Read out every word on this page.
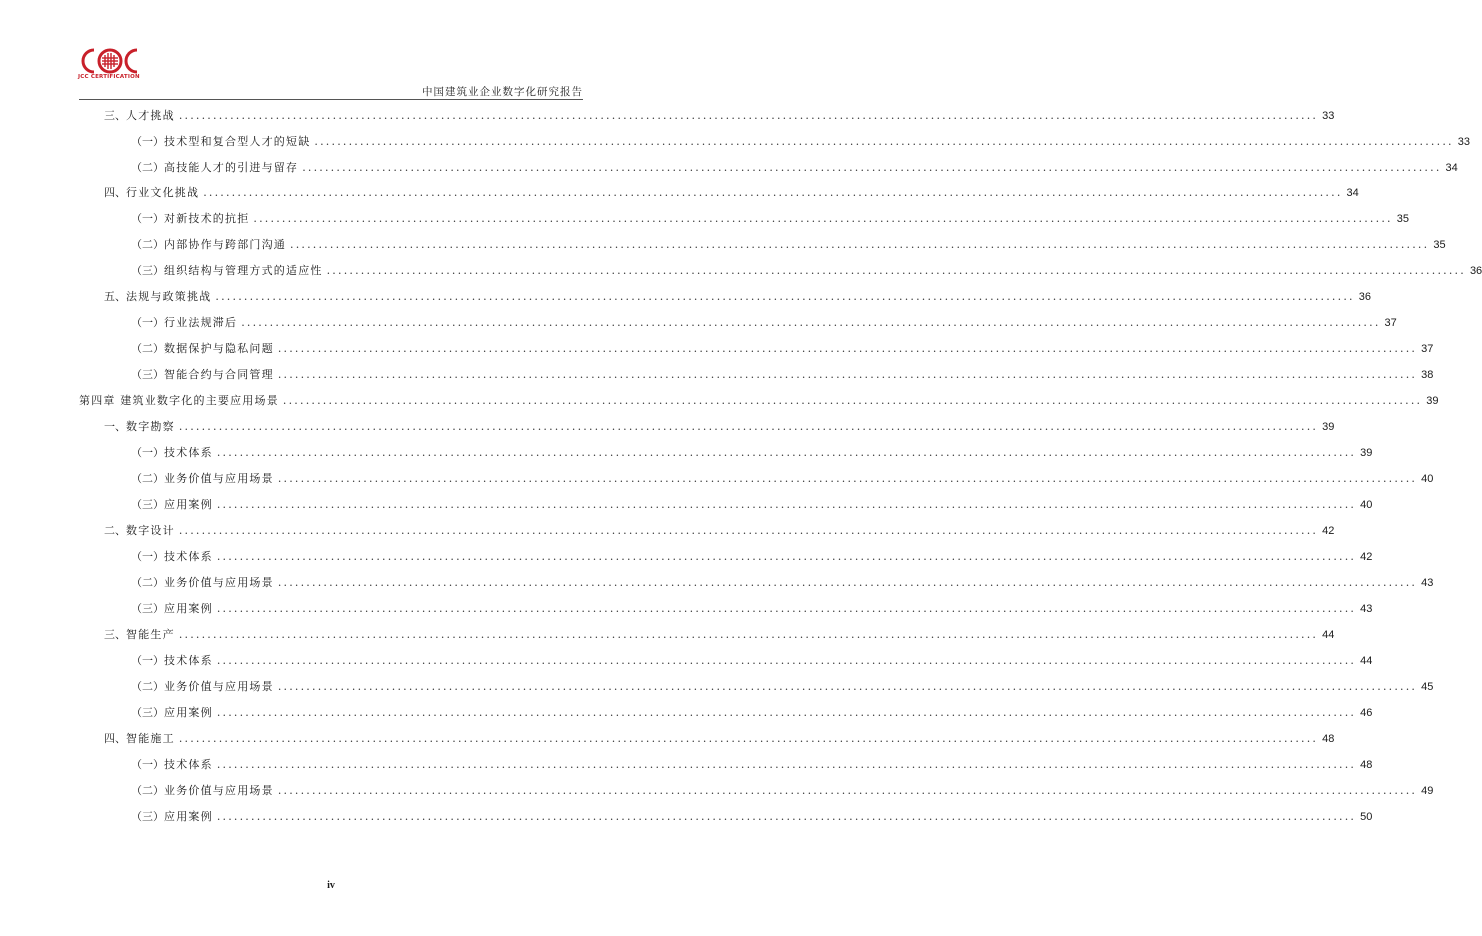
JCC CERTIFICATION
中国建筑业企业数字化研究报告
三、 人才挑战 ........................................................................................................................................................................................................ 33
（一） 技术型和复合型人才的短缺 ........................................................................................................................................................................................................ 33
（二） 高技能人才的引进与留存 ........................................................................................................................................................................................................ 34
四、 行业文化挑战 ........................................................................................................................................................................................................ 34
（一） 对新技术的抗拒 ........................................................................................................................................................................................................ 35
（二） 内部协作与跨部门沟通 ........................................................................................................................................................................................................ 35
（三） 组织结构与管理方式的适应性 ........................................................................................................................................................................................................ 36
五、 法规与政策挑战 ........................................................................................................................................................................................................ 36
（一） 行业法规滞后 ........................................................................................................................................................................................................ 37
（二） 数据保护与隐私问题 ........................................................................................................................................................................................................ 37
（三） 智能合约与合同管理 ........................................................................................................................................................................................................ 38
第四章 建筑业数字化的主要应用场景 ........................................................................................................................................................................................................ 39
一、 数字勘察 ........................................................................................................................................................................................................ 39
（一） 技术体系 ........................................................................................................................................................................................................ 39
（二） 业务价值与应用场景 ........................................................................................................................................................................................................ 40
（三） 应用案例 ........................................................................................................................................................................................................ 40
二、 数字设计 ........................................................................................................................................................................................................ 42
（一） 技术体系 ........................................................................................................................................................................................................ 42
（二） 业务价值与应用场景 ........................................................................................................................................................................................................ 43
（三） 应用案例 ........................................................................................................................................................................................................ 43
三、 智能生产 ........................................................................................................................................................................................................ 44
（一） 技术体系 ........................................................................................................................................................................................................ 44
（二） 业务价值与应用场景 ........................................................................................................................................................................................................ 45
（三） 应用案例 ........................................................................................................................................................................................................ 46
四、 智能施工 ........................................................................................................................................................................................................ 48
（一） 技术体系 ........................................................................................................................................................................................................ 48
（二） 业务价值与应用场景 ........................................................................................................................................................................................................ 49
（三） 应用案例 ........................................................................................................................................................................................................ 50
iv
